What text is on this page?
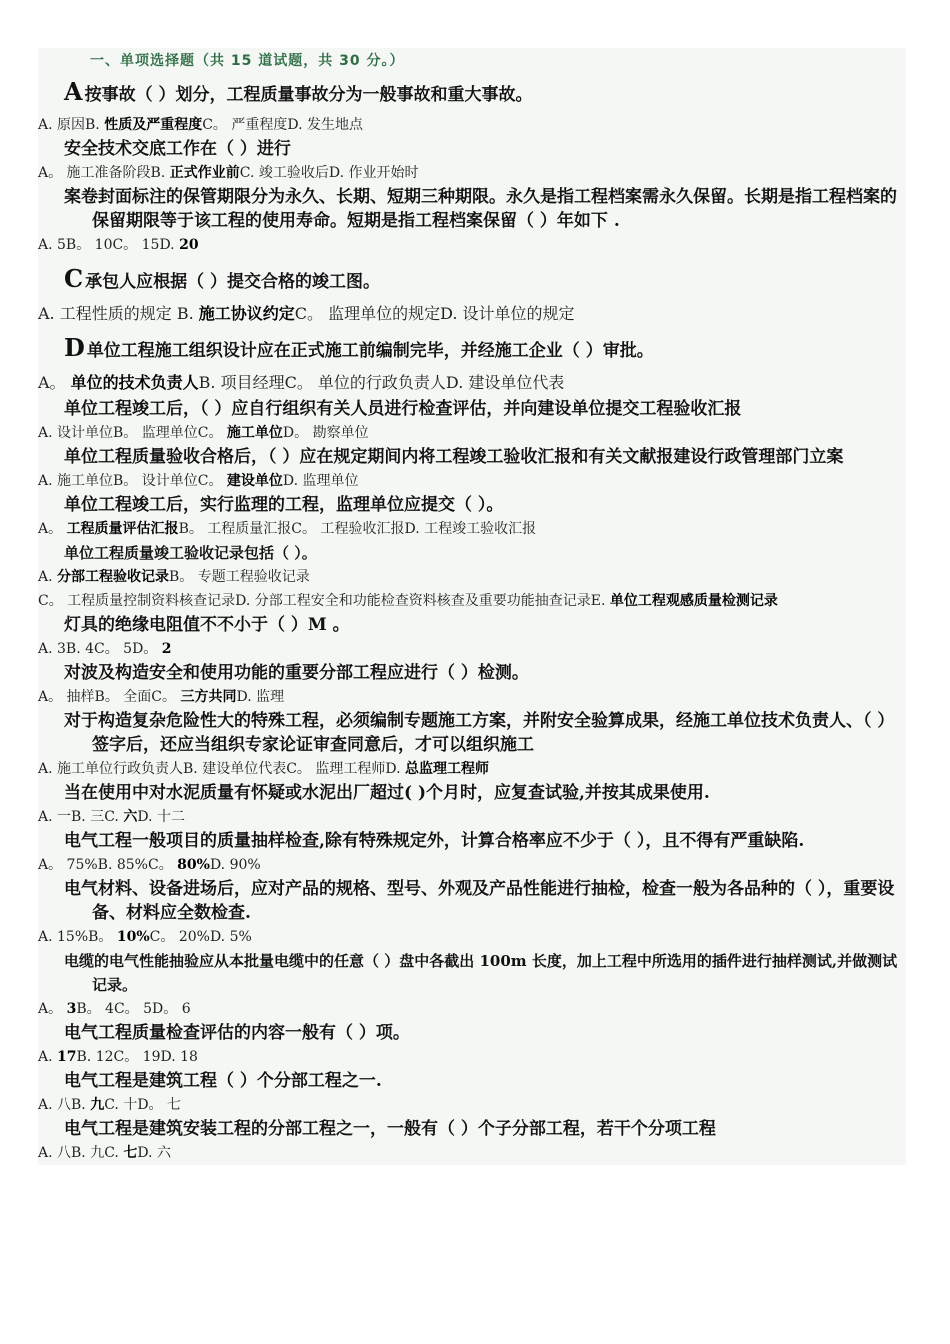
一、单项选择题（共 15 道试题，共 30 分。）
A 按事故（ ）划分，工程质量事故分为一般事故和重大事故。
A. 原因B. 性质及严重程度C。 严重程度D. 发生地点
安全技术交底工作在（ ）进行
A。 施工准备阶段B. 正式作业前C. 竣工验收后D. 作业开始时
案卷封面标注的保管期限分为永久、长期、短期三种期限。永久是指工程档案需永久保留。长期是指工程档案的保留期限等于该工程的使用寿命。短期是指工程档案保留（ ）年如下 .
A. 5B。 10C。 15D. 20
C 承包人应根据（ ）提交合格的竣工图。
A. 工程性质的规定 B. 施工协议约定C。 监理单位的规定D. 设计单位的规定
D 单位工程施工组织设计应在正式施工前编制完毕，并经施工企业（ ）审批。
A。 单位的技术负责人B. 项目经理C。 单位的行政负责人D. 建设单位代表
单位工程竣工后，（ ）应自行组织有关人员进行检查评估，并向建设单位提交工程验收汇报
A. 设计单位B。 监理单位C。 施工单位D。 勘察单位
单位工程质量验收合格后，（ ）应在规定期间内将工程竣工验收汇报和有关文献报建设行政管理部门立案
A. 施工单位B。 设计单位C。 建设单位D. 监理单位
单位工程竣工后，实行监理的工程，监理单位应提交（ ）。
A。 工程质量评估汇报B。 工程质量汇报C。 工程验收汇报D. 工程竣工验收汇报
单位工程质量竣工验收记录包括（ ）。
A. 分部工程验收记录B。 专题工程验收记录
C。 工程质量控制资料核查记录D. 分部工程安全和功能检查资料核查及重要功能抽查记录E. 单位工程观感质量检测记录
灯具的绝缘电阻值不不小于（ ）M 。
A. 3B. 4C。 5D。 2
对波及构造安全和使用功能的重要分部工程应进行（ ）检测。
A。 抽样B。 全面C。 三方共同D. 监理
对于构造复杂危险性大的特殊工程，必须编制专题施工方案，并附安全验算成果，经施工单位技术负责人、（ ）签字后，还应当组织专家论证审查同意后，才可以组织施工
A. 施工单位行政负责人B. 建设单位代表C。 监理工程师D. 总监理工程师
当在使用中对水泥质量有怀疑或水泥出厂超过( )个月时，应复查试验,并按其成果使用.
A. 一B. 三C. 六D. 十二
电气工程一般项目的质量抽样检查,除有特殊规定外，计算合格率应不少于（ ），且不得有严重缺陷.
A。 75%B. 85%C。 80%D. 90%
电气材料、设备进场后，应对产品的规格、型号、外观及产品性能进行抽检，检查一般为各品种的（ ），重要设备、材料应全数检查.
A. 15%B。 10%C。 20%D. 5%
电缆的电气性能抽验应从本批量电缆中的任意（ ）盘中各截出 100m 长度，加上工程中所选用的插件进行抽样测试,并做测试记录。
A。 3B。 4C。 5D。 6
电气工程质量检查评估的内容一般有（ ）项。
A. 17B. 12C。 19D. 18
电气工程是建筑工程（ ）个分部工程之一.
A. 八B. 九C. 十D。 七
电气工程是建筑安装工程的分部工程之一，一般有（ ）个子分部工程，若干个分项工程
A. 八B. 九C. 七D. 六
